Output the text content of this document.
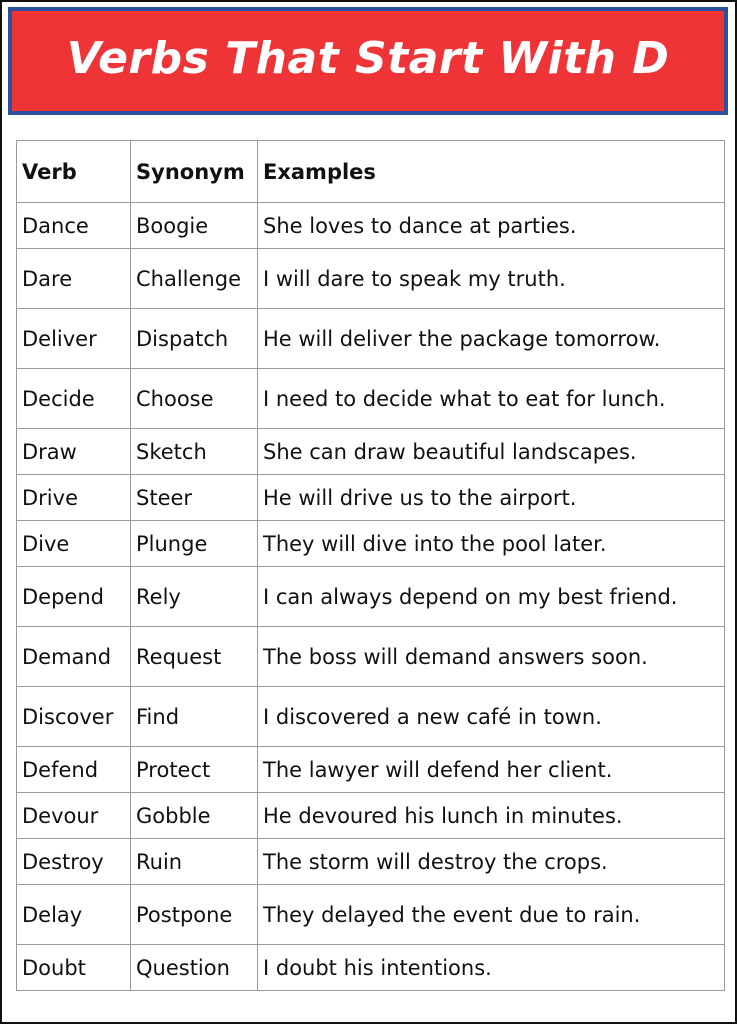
Verbs That Start With D
Verb	Synonym	Examples
Dance	Boogie	She loves to dance at parties.
Dare	Challenge	I will dare to speak my truth.
Deliver	Dispatch	He will deliver the package tomorrow.
Decide	Choose	I need to decide what to eat for lunch.
Draw	Sketch	She can draw beautiful landscapes.
Drive	Steer	He will drive us to the airport.
Dive	Plunge	They will dive into the pool later.
Depend	Rely	I can always depend on my best friend.
Demand	Request	The boss will demand answers soon.
Discover	Find	I discovered a new café in town.
Defend	Protect	The lawyer will defend her client.
Devour	Gobble	He devoured his lunch in minutes.
Destroy	Ruin	The storm will destroy the crops.
Delay	Postpone	They delayed the event due to rain.
Doubt	Question	I doubt his intentions.
